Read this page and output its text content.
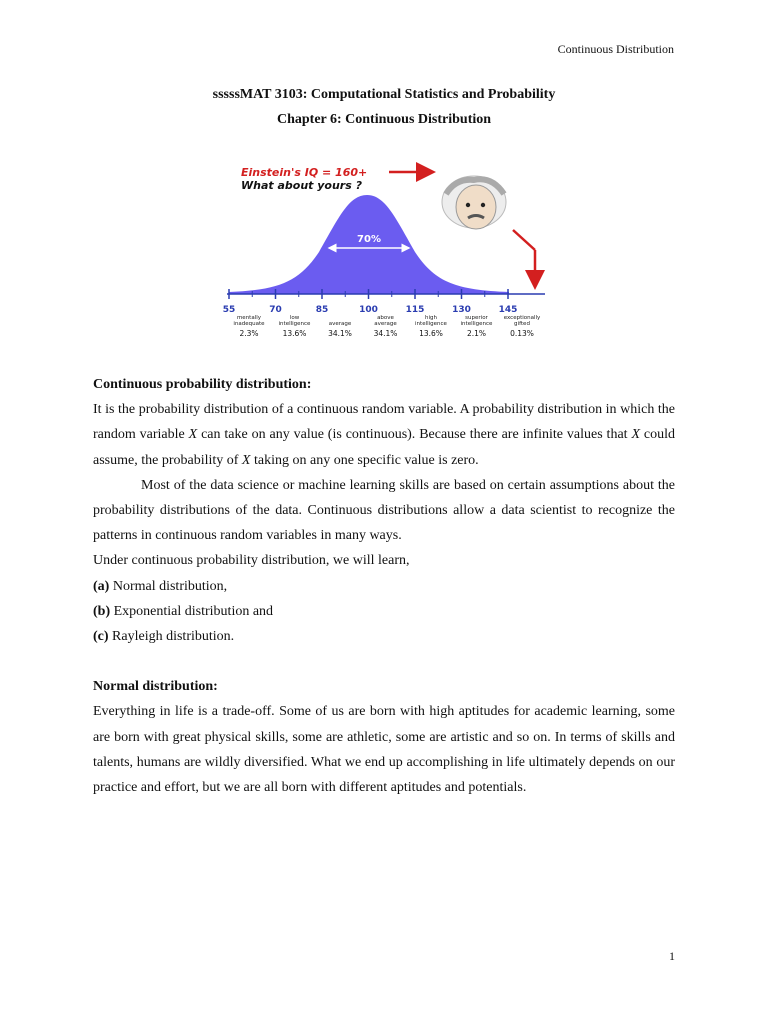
Continuous Distribution
sssssMAT 3103: Computational Statistics and Probability
Chapter 6: Continuous Distribution
Einstein's IQ = 160+
What about yours ?
70%
55	70	85	100	115	130	145
mentally
inadequate
2.3%
low
intelligence
13.6%
average
34.1%
above
average
34.1%
high
intelligence
13.6%
superior
intelligence
2.1%
exceptionally
gifted
0.13%

Continuous probability distribution:

It is the probability distribution of a continuous random variable. A probability distribution in which the random variable X can take on any value (is continuous). Because there are infinite values that X could assume, the probability of X taking on any one specific value is zero.

Most of the data science or machine learning skills are based on certain assumptions about the probability distributions of the data. Continuous distributions allow a data scientist to recognize the patterns in continuous random variables in many ways.

Under continuous probability distribution, we will learn,

(a) Normal distribution,

(b) Exponential distribution and

(c) Rayleigh distribution.

Normal distribution:

Everything in life is a trade-off. Some of us are born with high aptitudes for academic learning, some are born with great physical skills, some are athletic, some are artistic and so on. In terms of skills and talents, humans are wildly diversified. What we end up accomplishing in life ultimately depends on our practice and effort, but we are all born with different aptitudes and potentials.

1
